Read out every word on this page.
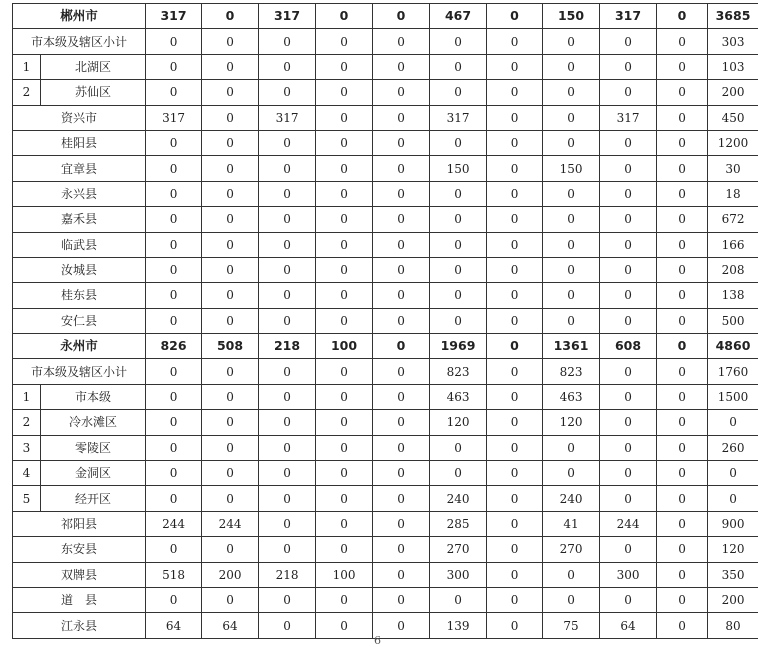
郴州市		317	0	317	0	0	467	0	150	317	0	3685
市本级及辖区小计		0	0	0	0	0	0	0	0	0	0	303
1	北湖区	0	0	0	0	0	0	0	0	0	0	103
2	苏仙区	0	0	0	0	0	0	0	0	0	0	200
资兴市		317	0	317	0	0	317	0	0	317	0	450
桂阳县		0	0	0	0	0	0	0	0	0	0	1200
宜章县		0	0	0	0	0	150	0	150	0	0	30
永兴县		0	0	0	0	0	0	0	0	0	0	18
嘉禾县		0	0	0	0	0	0	0	0	0	0	672
临武县		0	0	0	0	0	0	0	0	0	0	166
汝城县		0	0	0	0	0	0	0	0	0	0	208
桂东县		0	0	0	0	0	0	0	0	0	0	138
安仁县		0	0	0	0	0	0	0	0	0	0	500
永州市		826	508	218	100	0	1969	0	1361	608	0	4860
市本级及辖区小计		0	0	0	0	0	823	0	823	0	0	1760
1	市本级	0	0	0	0	0	463	0	463	0	0	1500
2	冷水滩区	0	0	0	0	0	120	0	120	0	0	0
3	零陵区	0	0	0	0	0	0	0	0	0	0	260
4	金洞区	0	0	0	0	0	0	0	0	0	0	0
5	经开区	0	0	0	0	0	240	0	240	0	0	0
祁阳县		244	244	0	0	0	285	0	41	244	0	900
东安县		0	0	0	0	0	270	0	270	0	0	120
双牌县		518	200	218	100	0	300	0	0	300	0	350
道　县		0	0	0	0	0	0	0	0	0	0	200
江永县		64	64	0	0	0	139	0	75	64	0	80
6
